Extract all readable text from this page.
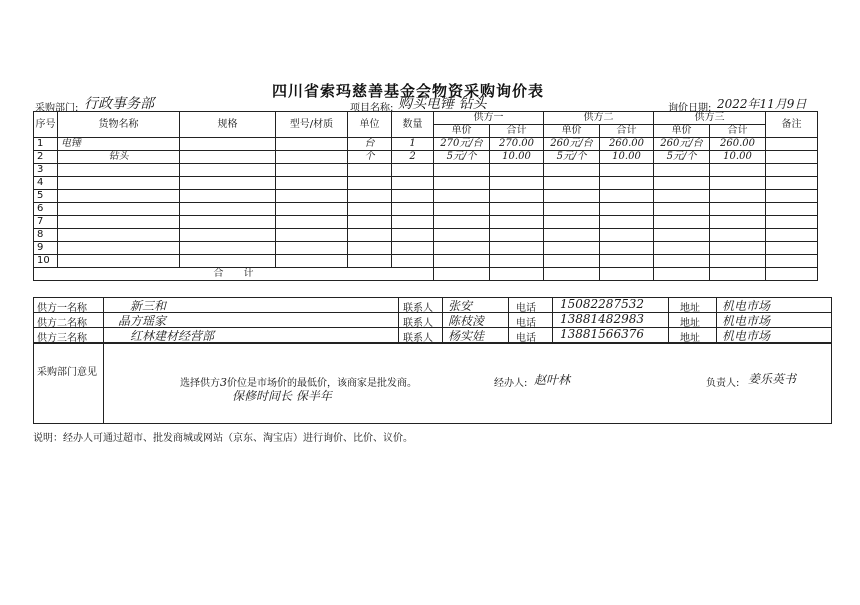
四川省索玛慈善基金会物资采购询价表
采购部门: 行政事务部	项目名称: 购买电锤 钻头	询价日期: 2022年11月9日
序号	货物名称	规格	型号/材质	单位	数量	供方一		供方二		供方三		备注
						单价	合计	单价	合计	单价	合计	
1	电锤			台	1	270元/台	270.00	260元/台	260.00	260元/台	260.00	
2	钻头			个	2	5元/个	10.00	5元/个	10.00	5元/个	10.00	
3												
4												
5												
6												
7												
8												
9												
10												
合　　计												
供方一名称	新三和	联系人 张安	电话 15082287532	地址 机电市场
供方二名称	晶方瑶家	联系人 陈枝淩	电话 13881482983	地址 机电市场
供方三名称	红林建材经营部	联系人 杨实娃	电话 13881566376	地址 机电市场
采购部门意见
选择供方3价位是市场价的最低价，该商家是批发商。
保修时间长 保半年
经办人: 赵叶林	负责人: 姜乐英书
说明：经办人可通过超市、批发商城或网站（京东、淘宝店）进行询价、比价、议价。
